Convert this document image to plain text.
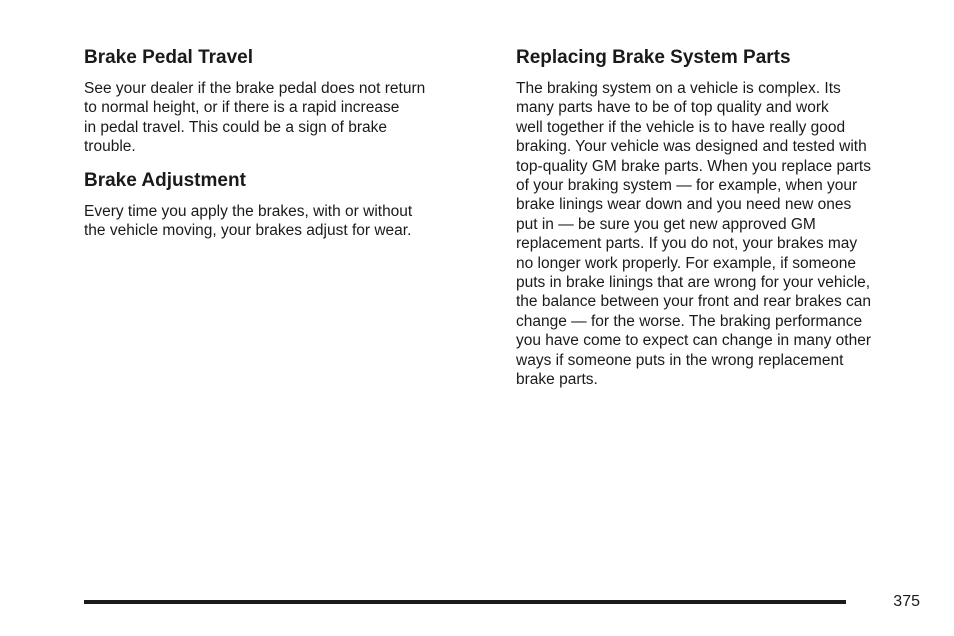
Brake Pedal Travel

See your dealer if the brake pedal does not return
to normal height, or if there is a rapid increase
in pedal travel. This could be a sign of brake
trouble.

Brake Adjustment

Every time you apply the brakes, with or without
the vehicle moving, your brakes adjust for wear.

Replacing Brake System Parts

The braking system on a vehicle is complex. Its
many parts have to be of top quality and work
well together if the vehicle is to have really good
braking. Your vehicle was designed and tested with
top-quality GM brake parts. When you replace parts
of your braking system — for example, when your
brake linings wear down and you need new ones
put in — be sure you get new approved GM
replacement parts. If you do not, your brakes may
no longer work properly. For example, if someone
puts in brake linings that are wrong for your vehicle,
the balance between your front and rear brakes can
change — for the worse. The braking performance
you have come to expect can change in many other
ways if someone puts in the wrong replacement
brake parts.

375
